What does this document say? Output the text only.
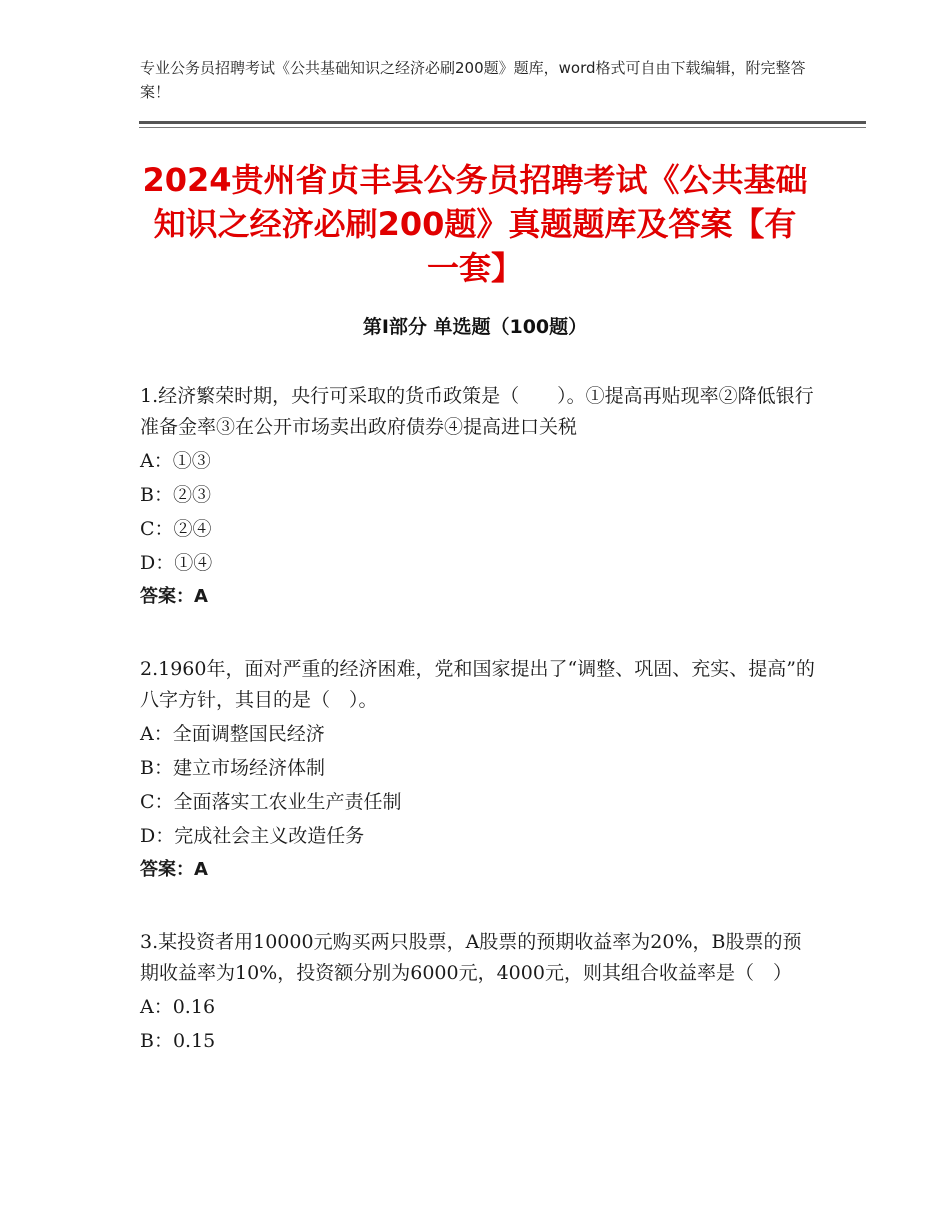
专业公务员招聘考试《公共基础知识之经济必刷200题》题库，word格式可自由下载编辑，附完整答案！
2024贵州省贞丰县公务员招聘考试《公共基础知识之经济必刷200题》真题题库及答案【有一套】
第Ⅰ部分 单选题（100题）
1.经济繁荣时期，央行可采取的货币政策是（　　）。①提高再贴现率②降低银行准备金率③在公开市场卖出政府债券④提高进口关税
A：①③
B：②③
C：②④
D：①④
答案：A
2.1960年，面对严重的经济困难，党和国家提出了“调整、巩固、充实、提高”的八字方针，其目的是（　）。
A：全面调整国民经济
B：建立市场经济体制
C：全面落实工农业生产责任制
D：完成社会主义改造任务
答案：A
3.某投资者用10000元购买两只股票，A股票的预期收益率为20%，B股票的预期收益率为10%，投资额分别为6000元，4000元，则其组合收益率是（　）
A：0.16
B：0.15
